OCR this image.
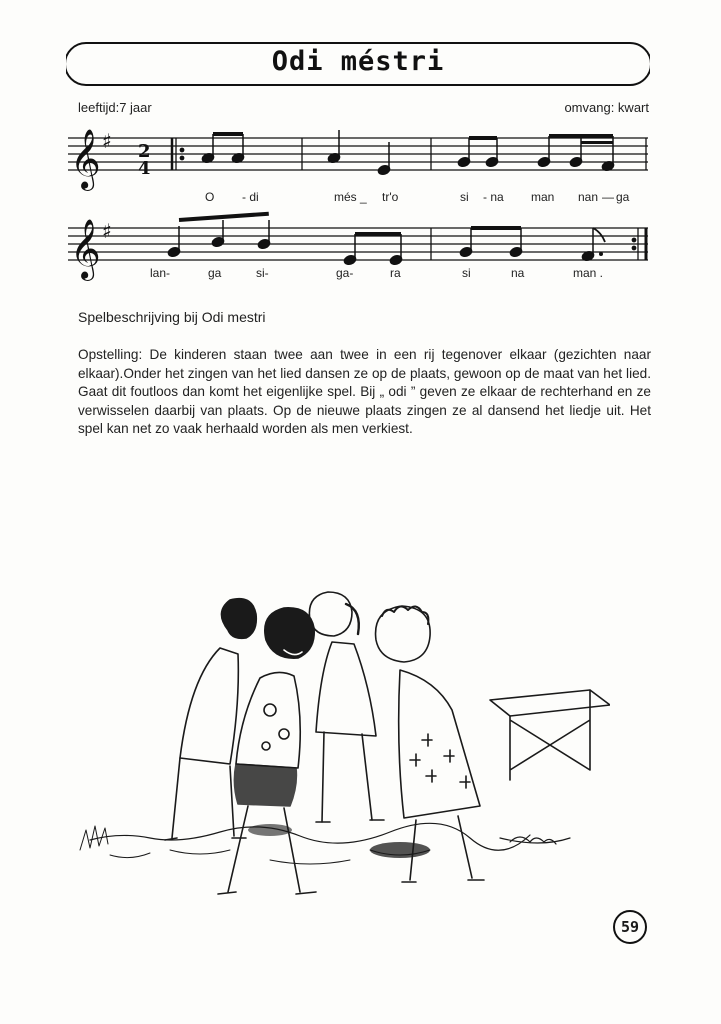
Odi méstri
leeftijd:7 jaar	omvang: kwart
𝄞
𝄞
♯
♯
2
4
O - di	més _ tr'o	si - na man nan — ga
lan-	ga	si-	ga-	ra	si	na	man .
Spelbeschrijving bij Odi mestri
Opstelling: De kinderen staan twee aan twee in een rij tegenover elkaar (gezichten naar elkaar).Onder het zingen van het lied dansen ze op de plaats, gewoon op de maat van het lied. Gaat dit foutloos dan komt het eigenlijke spel. Bij „ odi ” geven ze elkaar de rechterhand en ze verwisselen daarbij van plaats. Op de nieuwe plaats zingen ze al dansend het liedje uit. Het spel kan net zo vaak herhaald worden als men verkiest.
59
